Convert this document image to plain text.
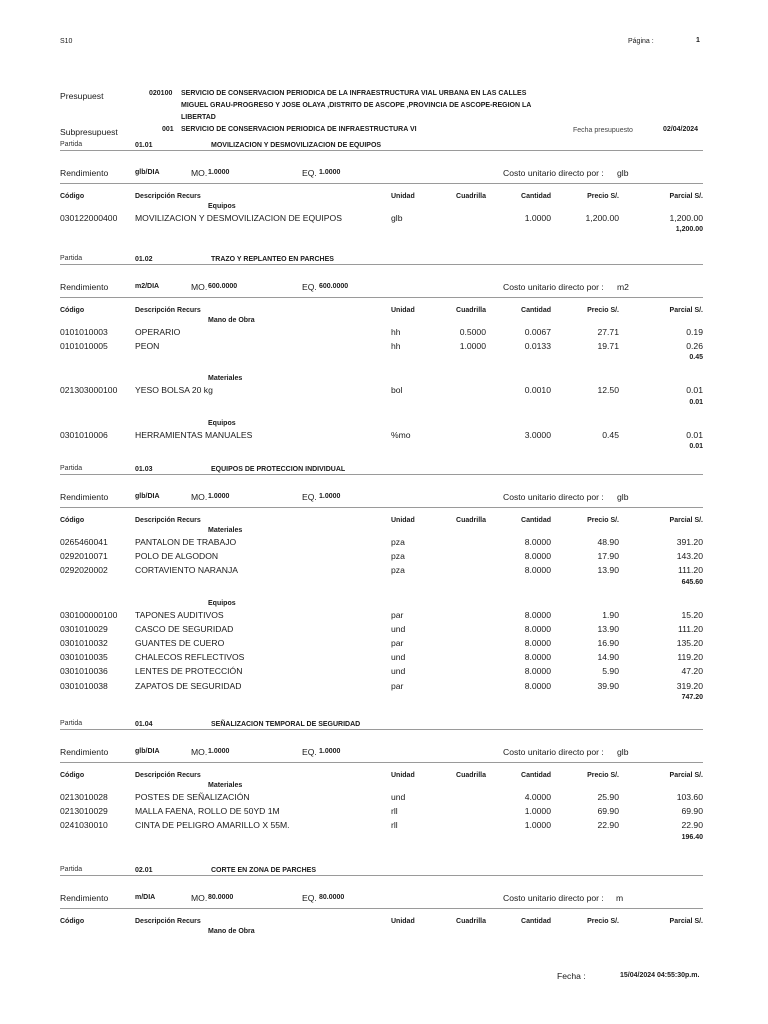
S10	Página :	1
Presupuest	020100 SERVICIO DE CONSERVACION PERIODICA DE LA INFRAESTRUCTURA VIAL URBANA EN LAS CALLES
MIGUEL GRAU-PROGRESO Y JOSE OLAYA ,DISTRITO DE ASCOPE ,PROVINCIA DE ASCOPE-REGION LA
LIBERTAD
Subpresupuest	001 SERVICIO DE CONSERVACION PERIODICA DE INFRAESTRUCTURA VI	Fecha presupuesto	02/04/2024
Partida	01.01	MOVILIZACION Y DESMOVILIZACION DE EQUIPOS
Rendimiento	glb/DIA	MO. 1.0000	EQ. 1.0000	Costo unitario directo por : glb
Código	Descripción Recurs	Unidad	Cuadrilla	Cantidad	Precio S/.	Parcial S/.
Equipos
030122000400 MOVILIZACION Y DESMOVILIZACION DE EQUIPOS	glb	1.0000	1,200.00	1,200.00
1,200.00
Partida	01.02	TRAZO Y REPLANTEO EN PARCHES
Rendimiento	m2/DIA	MO. 600.0000	EQ. 600.0000	Costo unitario directo por : m2
Código	Descripción Recurs	Unidad	Cuadrilla	Cantidad	Precio S/.	Parcial S/.
Mano de Obra
0101010003	OPERARIO	hh	0.5000	0.0067	27.71	0.19
0101010005	PEON	hh	1.0000	0.0133	19.71	0.26
0.45
Materiales
021303000100 YESO BOLSA 20 kg	bol	0.0010	12.50	0.01
0.01
Equipos
0301010006	HERRAMIENTAS MANUALES	%mo	3.0000	0.45	0.01
0.01
Partida	01.03	EQUIPOS DE PROTECCION INDIVIDUAL
Rendimiento	glb/DIA	MO. 1.0000	EQ. 1.0000	Costo unitario directo por : glb
Código	Descripción Recurs	Unidad	Cuadrilla	Cantidad	Precio S/.	Parcial S/.
Materiales
0265460041	PANTALON DE TRABAJO	pza	8.0000	48.90	391.20
0292010071	POLO DE ALGODON	pza	8.0000	17.90	143.20
0292020002	CORTAVIENTO NARANJA	pza	8.0000	13.90	111.20
645.60
Equipos
030100000100 TAPONES AUDITIVOS	par	8.0000	1.90	15.20
0301010029	CASCO DE SEGURIDAD	und	8.0000	13.90	111.20
0301010032	GUANTES DE CUERO	par	8.0000	16.90	135.20
0301010035	CHALECOS REFLECTIVOS	und	8.0000	14.90	119.20
0301010036	LENTES DE PROTECCIÓN	und	8.0000	5.90	47.20
0301010038	ZAPATOS DE SEGURIDAD	par	8.0000	39.90	319.20
747.20
Partida	01.04	SEÑALIZACION TEMPORAL DE SEGURIDAD
Rendimiento	glb/DIA	MO. 1.0000	EQ. 1.0000	Costo unitario directo por : glb
Código	Descripción Recurs	Unidad	Cuadrilla	Cantidad	Precio S/.	Parcial S/.
Materiales
0213010028	POSTES DE SEÑALIZACIÓN	und	4.0000	25.90	103.60
0213010029	MALLA FAENA, ROLLO DE 50YD 1M	rll	1.0000	69.90	69.90
0241030010	CINTA DE PELIGRO AMARILLO X 55M.	rll	1.0000	22.90	22.90
196.40
Partida	02.01	CORTE EN ZONA DE PARCHES
Rendimiento	m/DIA	MO. 80.0000	EQ. 80.0000	Costo unitario directo por : m
Código	Descripción Recurs	Unidad	Cuadrilla	Cantidad	Precio S/.	Parcial S/.
Mano de Obra
Fecha :	15/04/2024 04:55:30p.m.
